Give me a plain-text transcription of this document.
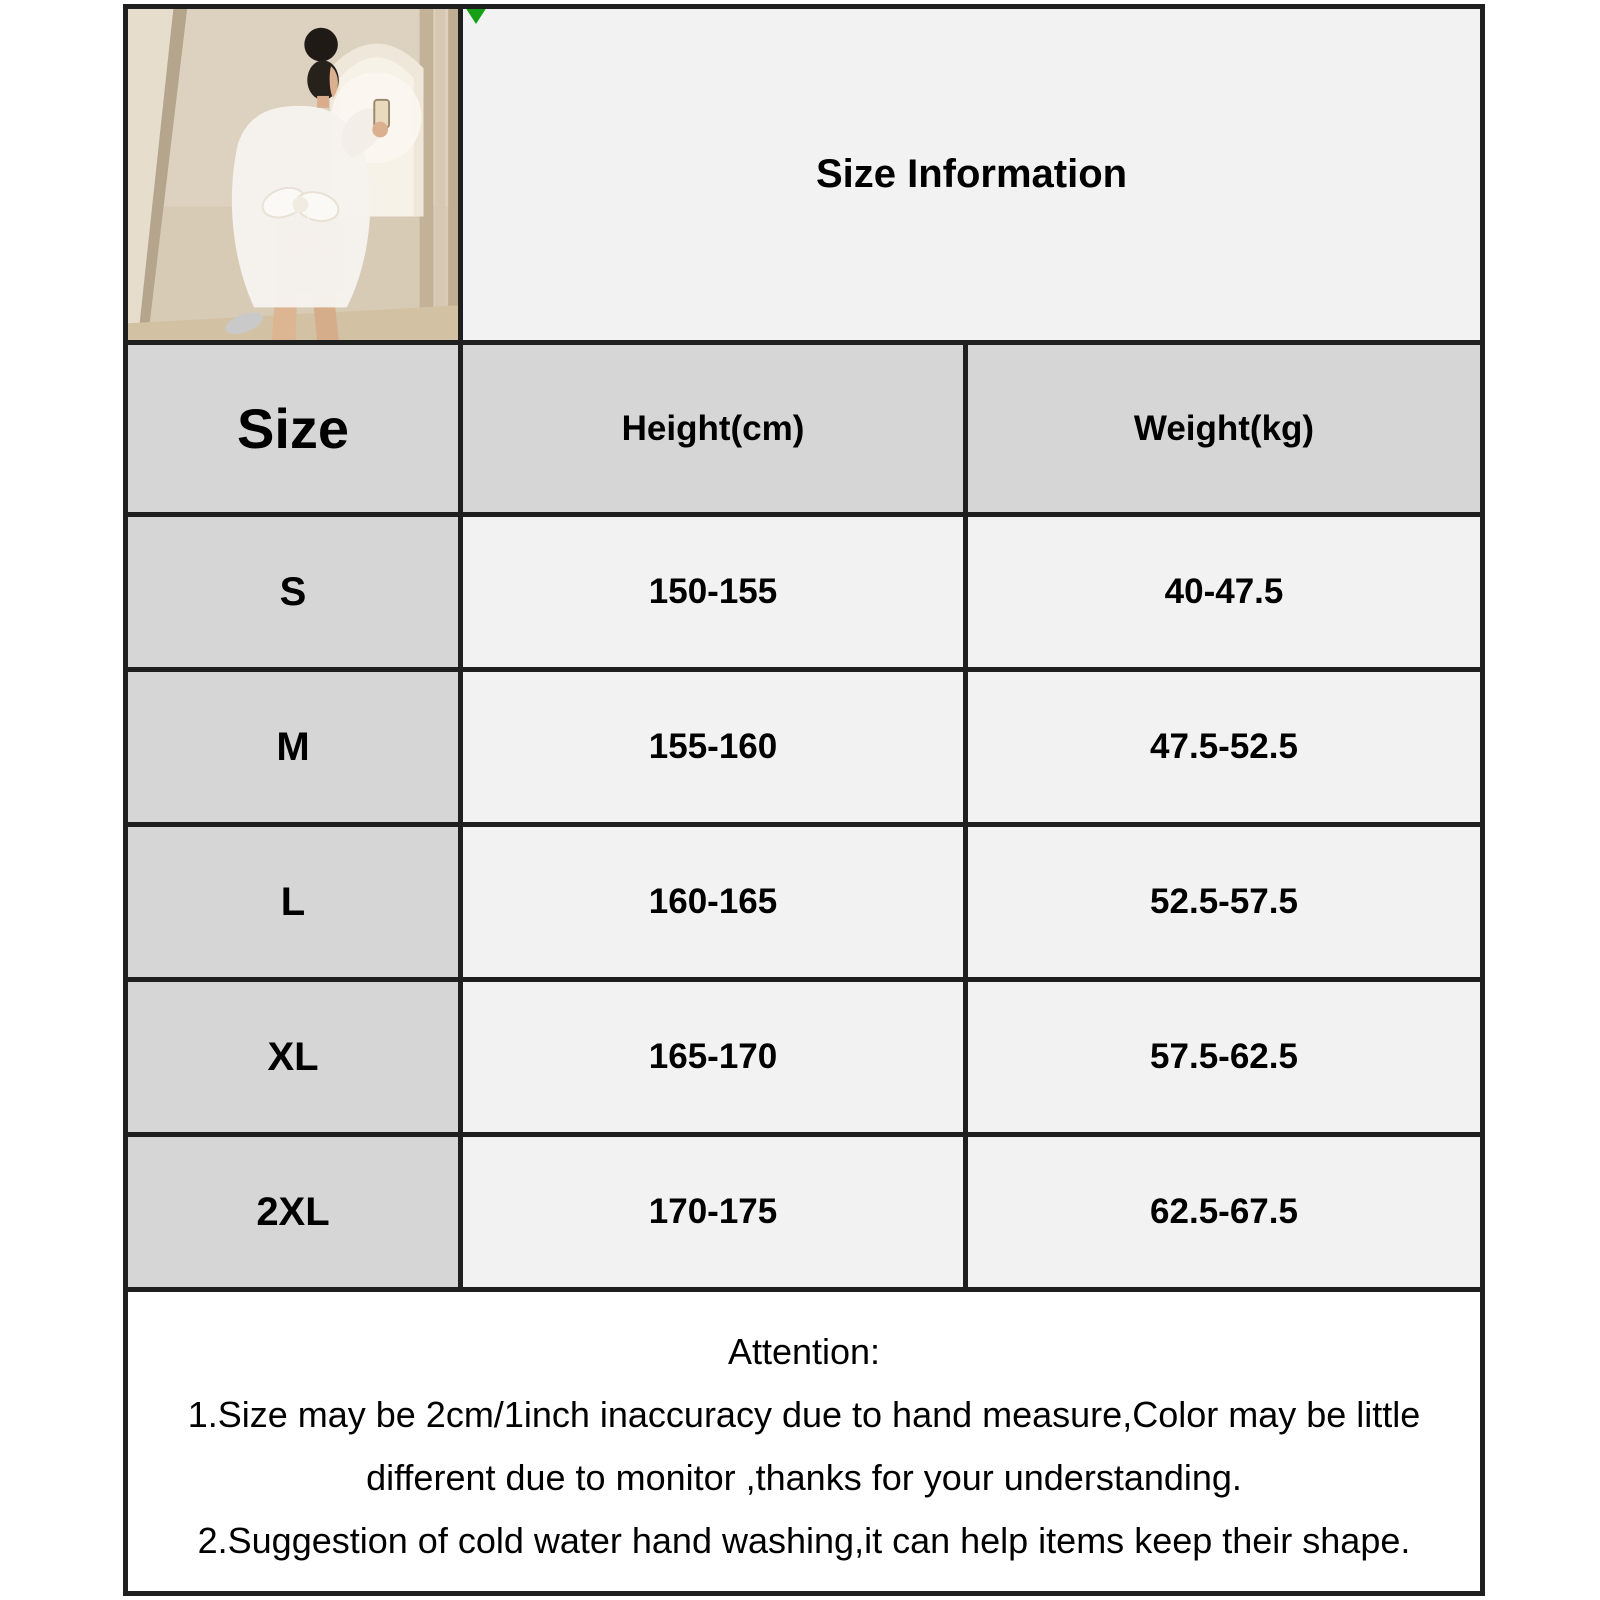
Size Information	
Size	Height(cm)	Weight(kg)
S	150-155	40-47.5
M	155-160	47.5-52.5
L	160-165	52.5-57.5
XL	165-170	57.5-62.5
2XL	170-175	62.5-67.5

Attention:
1.Size may be 2cm/1inch inaccuracy due to hand measure,Color may be little different due to monitor ,thanks for your understanding.
2.Suggestion of cold water hand washing,it can help items keep their shape.		
